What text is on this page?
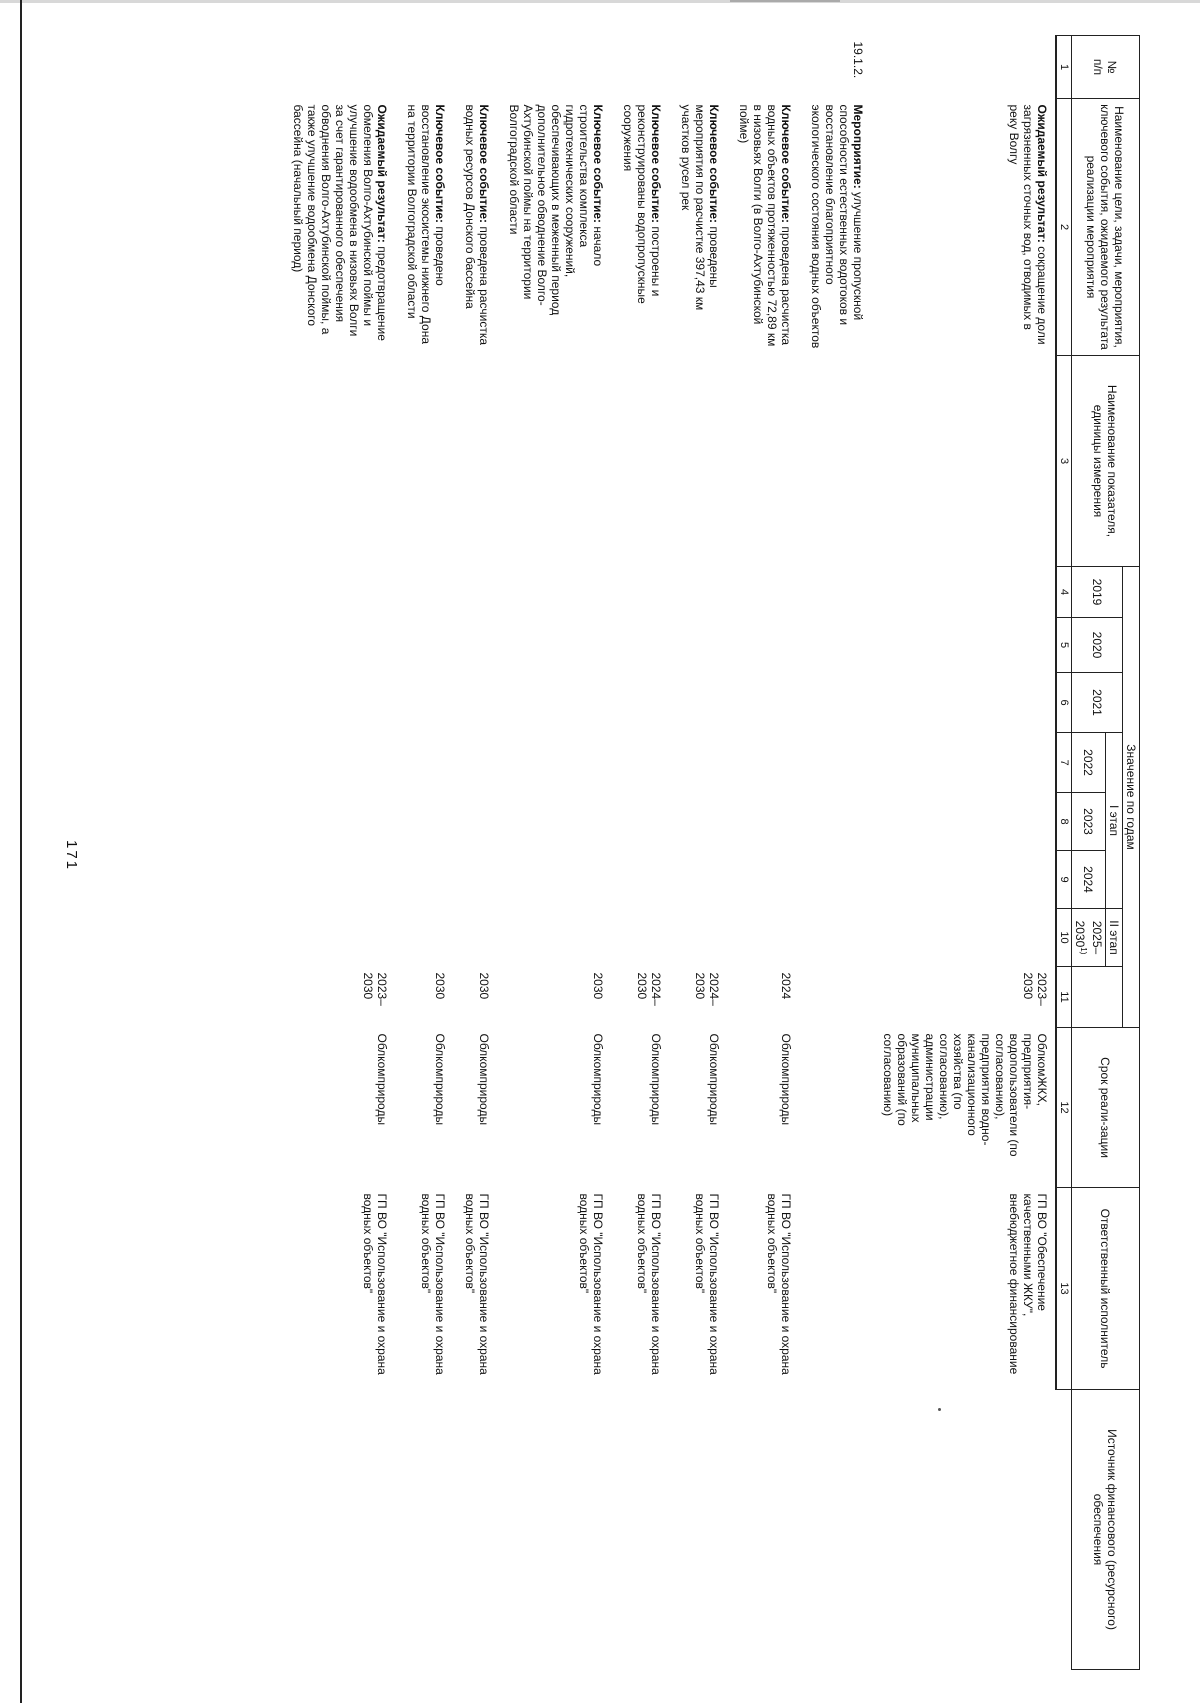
171
№
п/п	Наименование цели, задачи, мероприятия, ключевого события, ожидаемого результата реализации мероприятия	Наименование показателя, единицы измерения	Значение по годам								Срок реали-зации	Ответственный исполнитель	Источник финансового (ресурсного) обеспечения
			2019	2020	2021	I этап			II этап				
						2022	2023	2024	2025–2030$^{1)}$
1	2	3	4	5	6	7	8	9	10	11	12	13	
	Ожидаемый результат: сокращение доли загрязненных сточных вод, отводимых в реку Волгу									2023–2030	ОблкомЖКХ, предприятия-водопользователи (по согласованию), предприятия водно-канализационного хозяйства (по согласованию), администрации муниципальных образований (по согласованию)	ГП ВО "Обеспечение качественными ЖКУ", внебюджетное финансирование	
19.1.2.	Мероприятие: улучшение пропускной способности естественных водотоков и восстановление благоприятного экологического состояния водных объектов												
	Ключевое событие: проведена расчистка водных объектов протяженностью 72,89 км в низовьях Волги (в Волго-Ахтубинской пойме)									2024	Облкомприроды	ГП ВО "Использование и охрана водных объектов"	
	Ключевое событие: проведены мероприятия по расчистке 397,43 км участков русел рек									2024–2030	Облкомприроды	ГП ВО "Использование и охрана водных объектов"	
	Ключевое событие: построены и реконструированы водопропускные сооружения									2024–2030	Облкомприроды	ГП ВО "Использование и охрана водных объектов"	
	Ключевое событие: начало строительства комплекса гидротехнических сооружений, обеспечивающих в меженный период дополнительное обводнение Волго-Ахтубинской поймы на территории Волгоградской области									2030	Облкомприроды	ГП ВО "Использование и охрана водных объектов"	
	Ключевое событие: проведена расчистка водных ресурсов Донского бассейна									2030	Облкомприроды	ГП ВО "Использование и охрана водных объектов"	
	Ключевое событие: проведено восстановление экосистемы нижнего Дона на территории Волгоградской области									2030	Облкомприроды	ГП ВО "Использование и охрана водных объектов"	
	Ожидаемый результат: предотвращение обмеления Волго-Ахтубинской поймы и улучшение водообмена в низовьях Волги за счет гарантированного обеспечения обводнения Волго-Ахтубинской поймы, а также улучшение водообмена Донского бассейна (начальный период)									2023–2030	Облкомприроды	ГП ВО "Использование и охрана водных объектов"	
